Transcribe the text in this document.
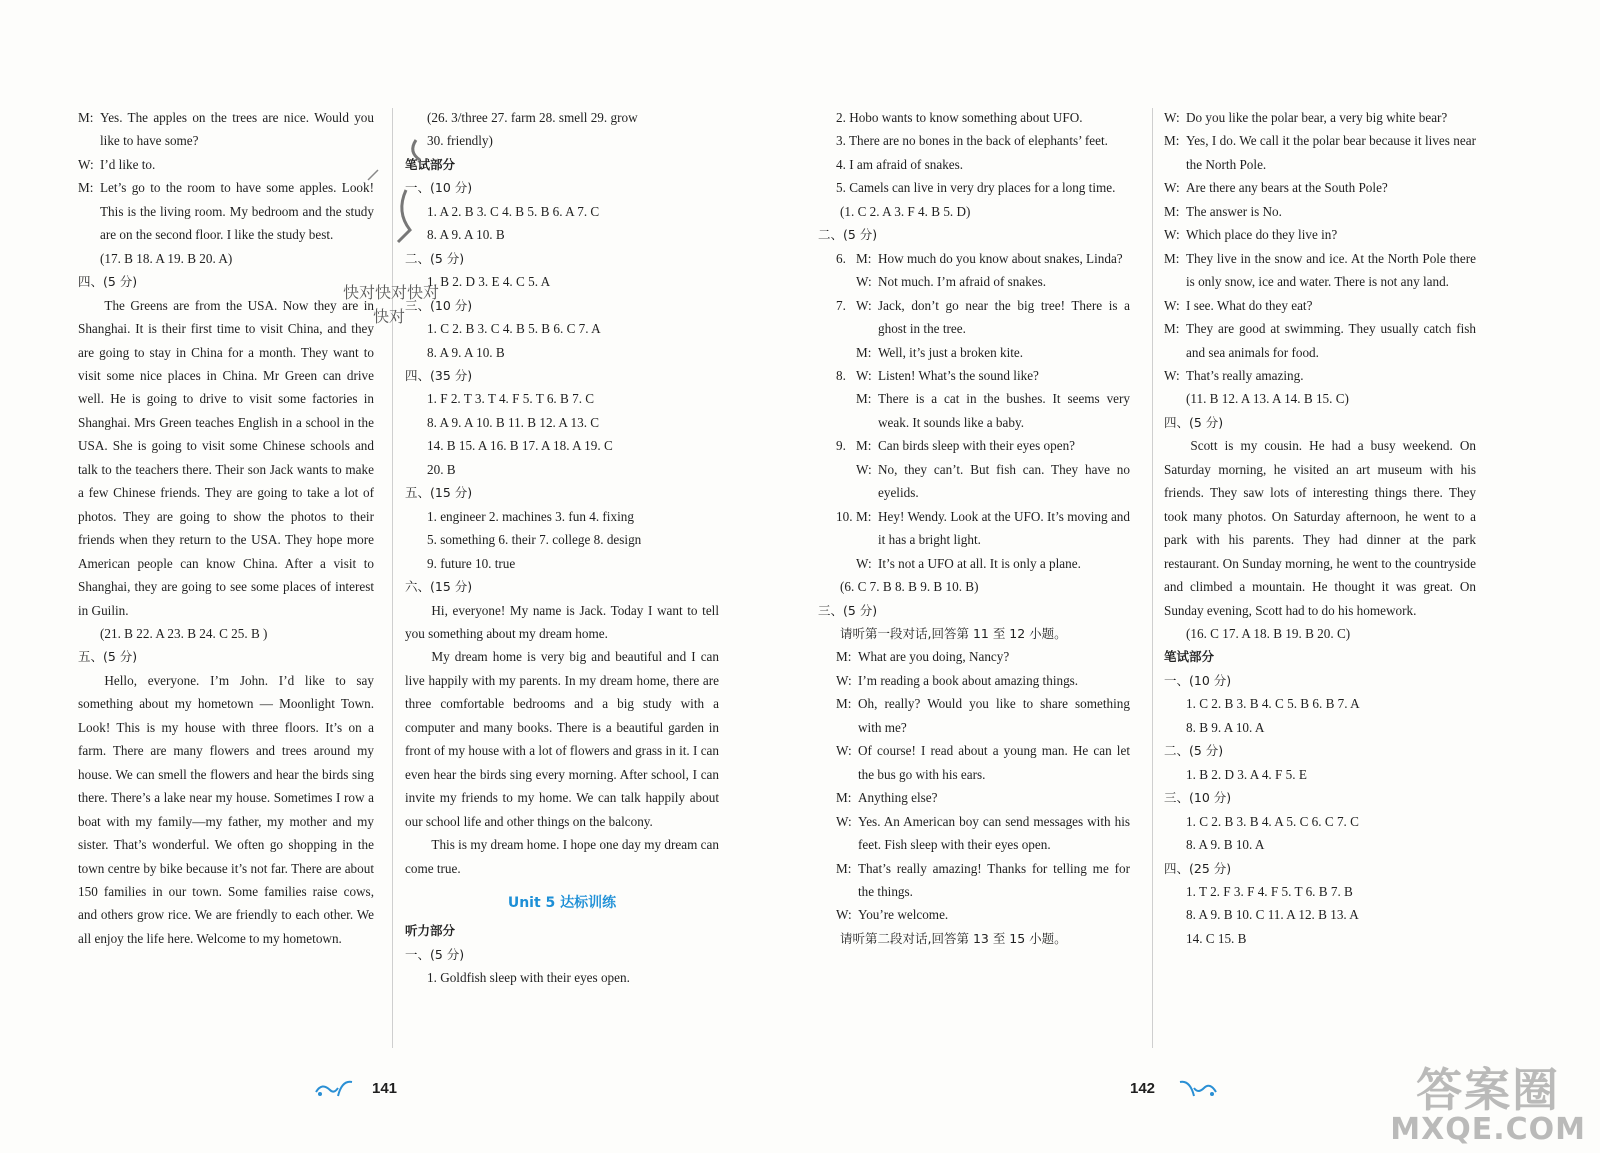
M: Yes. The apples on the trees are nice. Would you like to have some?
W: I’d like to.
M: Let’s go to the room to have some apples. Look! This is the living room. My bedroom and the study are on the second floor. I like the study best.
(17. B 18. A 19. B 20. A)
四、(5 分)
The Greens are from the USA. Now they are in Shanghai. It is their first time to visit China, and they are going to stay in China for a month. They want to visit some nice places in China. Mr Green can drive well. He is going to drive to visit some factories in Shanghai. Mrs Green teaches English in a school in the USA. She is going to visit some Chinese schools and talk to the teachers there. Their son Jack wants to make a few Chinese friends. They are going to take a lot of photos. They are going to show the photos to their friends when they return to the USA. They hope more American people can know China. After a visit to Shanghai, they are going to see some places of interest in Guilin.
(21. B 22. A 23. B 24. C 25. B )
五、(5 分)
Hello, everyone. I’m John. I’d like to say something about my hometown — Moonlight Town. Look! This is my house with three floors. It’s on a farm. There are many flowers and trees around my house. We can smell the flowers and hear the birds sing there. There’s a lake near my house. Sometimes I row a boat with my family—my father, my mother and my sister. That’s wonderful. We often go shopping in the town centre by bike because it’s not far. There are about 150 families in our town. Some families raise cows, and others grow rice. We are friendly to each other. We all enjoy the life here. Welcome to my hometown.
(26. 3/three 27. farm 28. smell 29. grow
30. friendly)
笔试部分
一、(10 分)
1. A 2. B 3. C 4. B 5. B 6. A 7. C
8. A 9. A 10. B
二、(5 分)
1. B 2. D 3. E 4. C 5. A
三、(10 分)
1. C 2. B 3. C 4. B 5. B 6. C 7. A
8. A 9. A 10. B
四、(35 分)
1. F 2. T 3. T 4. F 5. T 6. B 7. C
8. A 9. A 10. B 11. B 12. A 13. C
14. B 15. A 16. B 17. A 18. A 19. C
20. B
五、(15 分)
1. engineer 2. machines 3. fun 4. fixing
5. something 6. their 7. college 8. design
9. future 10. true
六、(15 分)
Hi, everyone! My name is Jack. Today I want to tell you something about my dream home.
My dream home is very big and beautiful and I can live happily with my parents. In my dream home, there are three comfortable bedrooms and a big study with a computer and many books. There is a beautiful garden in front of my house with a lot of flowers and grass in it. I can even hear the birds sing every morning. After school, I can invite my friends to my home. We can talk happily about our school life and other things on the balcony.
This is my dream home. I hope one day my dream can come true.
Unit 5 达标训练
听力部分
一、(5 分)
1. Goldfish sleep with their eyes open.
2. Hobo wants to know something about UFO.
3. There are no bones in the back of elephants’ feet.
4. I am afraid of snakes.
5. Camels can live in very dry places for a long time.
(1. C 2. A 3. F 4. B 5. D)
二、(5 分)
6. M: How much do you know about snakes, Linda?
W: Not much. I’m afraid of snakes.
7. W: Jack, don’t go near the big tree! There is a ghost in the tree.
M: Well, it’s just a broken kite.
8. W: Listen! What’s the sound like?
M: There is a cat in the bushes. It seems very weak. It sounds like a baby.
9. M: Can birds sleep with their eyes open?
W: No, they can’t. But fish can. They have no eyelids.
10. M: Hey! Wendy. Look at the UFO. It’s moving and it has a bright light.
W: It’s not a UFO at all. It is only a plane.
(6. C 7. B 8. B 9. B 10. B)
三、(5 分)
请听第一段对话,回答第 11 至 12 小题。
M: What are you doing, Nancy?
W: I’m reading a book about amazing things.
M: Oh, really? Would you like to share something with me?
W: Of course! I read about a young man. He can let the bus go with his ears.
M: Anything else?
W: Yes. An American boy can send messages with his feet. Fish sleep with their eyes open.
M: That’s really amazing! Thanks for telling me for the things.
W: You’re welcome.
请听第二段对话,回答第 13 至 15 小题。
W: Do you like the polar bear, a very big white bear?
M: Yes, I do. We call it the polar bear because it lives near the North Pole.
W: Are there any bears at the South Pole?
M: The answer is No.
W: Which place do they live in?
M: They live in the snow and ice. At the North Pole there is only snow, ice and water. There is not any land.
W: I see. What do they eat?
M: They are good at swimming. They usually catch fish and sea animals for food.
W: That’s really amazing.
(11. B 12. A 13. A 14. B 15. C)
四、(5 分)
Scott is my cousin. He had a busy weekend. On Saturday morning, he visited an art museum with his friends. They saw lots of interesting things there. They took many photos. On Saturday afternoon, he went to a park with his parents. They had dinner at the park restaurant. On Sunday morning, he went to the countryside and climbed a mountain. He thought it was great. On Sunday evening, Scott had to do his homework.
(16. C 17. A 18. B 19. B 20. C)
笔试部分
一、(10 分)
1. C 2. B 3. B 4. C 5. B 6. B 7. A
8. B 9. A 10. A
二、(5 分)
1. B 2. D 3. A 4. F 5. E
三、(10 分)
1. C 2. B 3. B 4. A 5. C 6. C 7. C
8. A 9. B 10. A
四、(25 分)
1. T 2. F 3. F 4. F 5. T 6. B 7. B
8. A 9. B 10. C 11. A 12. B 13. A
14. C 15. B
快对快对快对
快对
141	142	答案圈
MXQE.COM
